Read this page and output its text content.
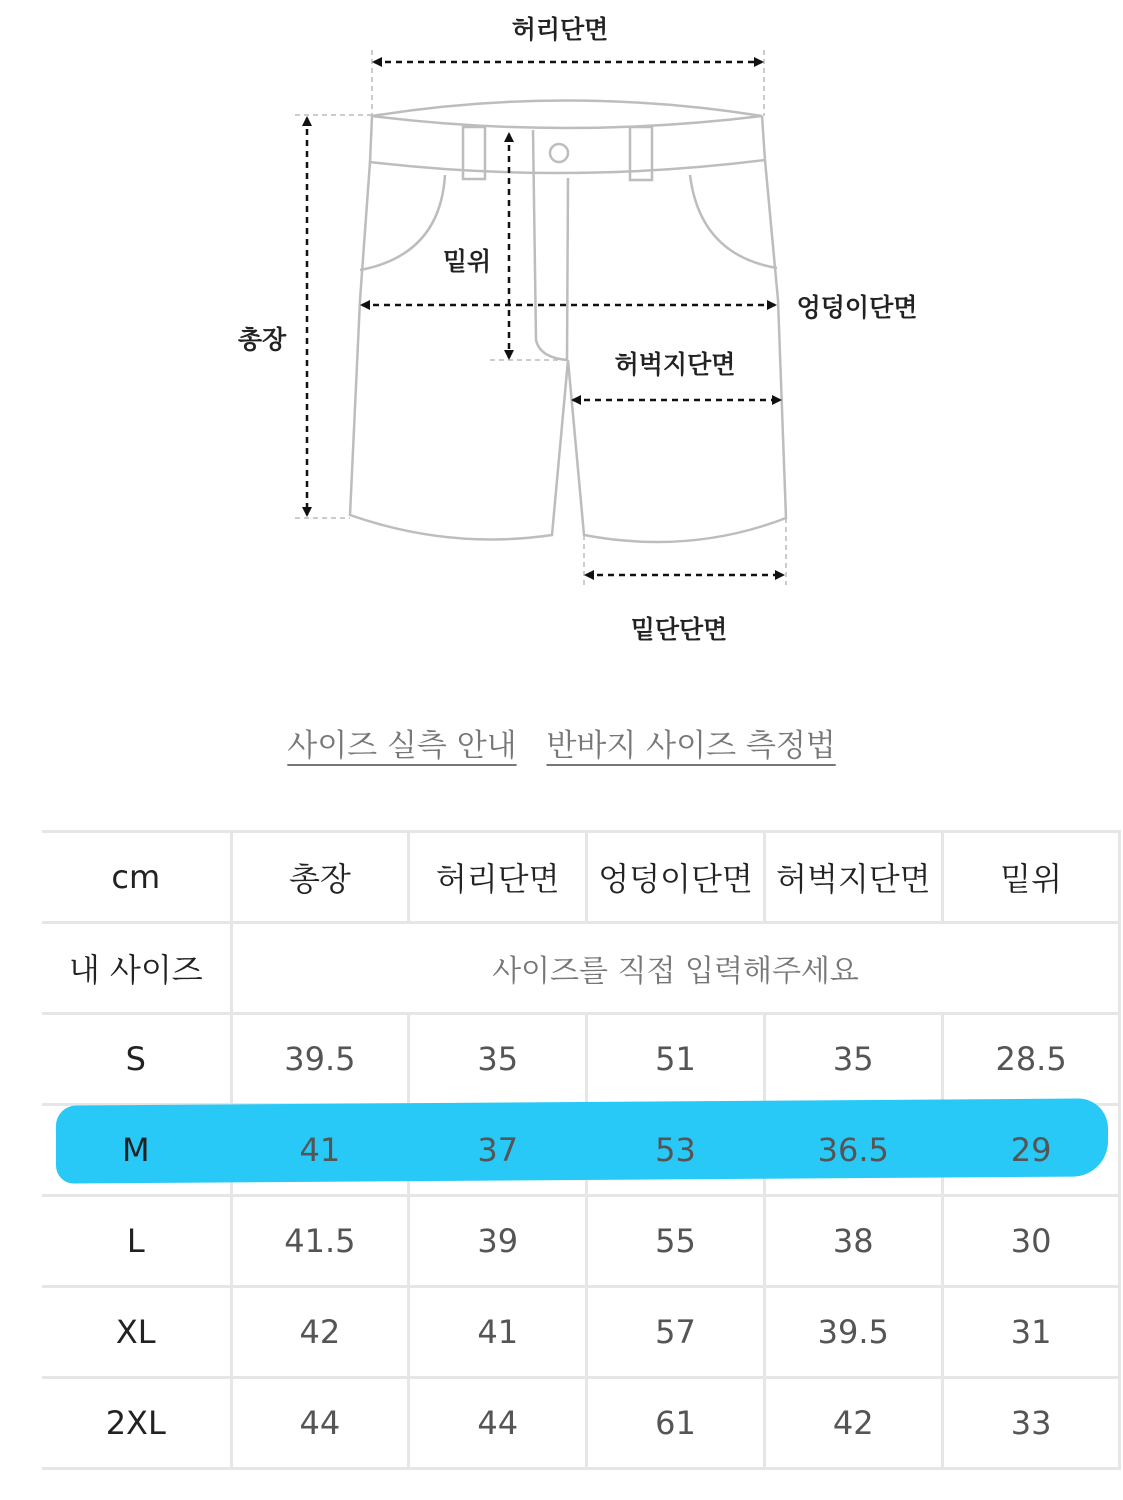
허리단면
밑위
엉덩이단면
총장
허벅지단면
밑단단면
사이즈 실측 안내 반바지 사이즈 측정법
cm	총장	허리단면	엉덩이단면	허벅지단면	밑위
내 사이즈	사이즈를 직접 입력해주세요				
S	39.5	35	51	35	28.5
M	41	37	53	36.5	29
L	41.5	39	55	38	30
XL	42	41	57	39.5	31
2XL	44	44	61	42	33
